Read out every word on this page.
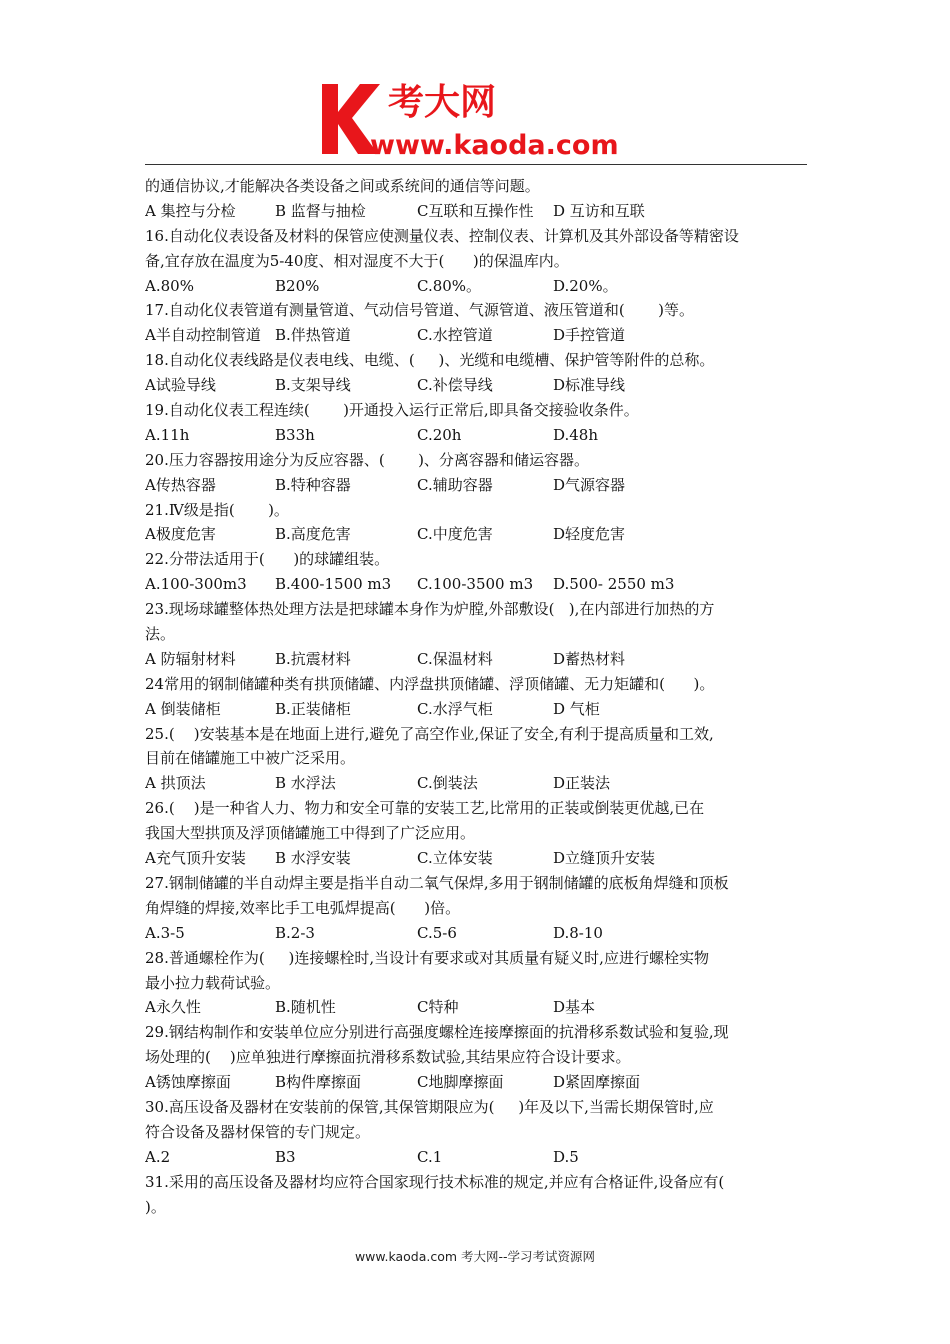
考大网
www.kaoda.com
的通信协议,才能解决各类设备之间或系统间的通信等问题。
A 集控与分检	B 监督与抽检	C互联和互操作性 D 互访和互联
16.自动化仪表设备及材料的保管应使测量仪表、控制仪表、计算机及其外部设备等精密设
备,宜存放在温度为5-40度、相对湿度不大于(      )的保温库内。
A.80%	B20%	C.80%。	D.20%。
17.自动化仪表管道有测量管道、气动信号管道、气源管道、液压管道和(       )等。
A半自动控制管道 B.伴热管道	C.水控管道	D手控管道
18.自动化仪表线路是仪表电线、电缆、(     )、光缆和电缆槽、保护管等附件的总称。
A试验导线	B.支架导线	C.补偿导线	D标准导线
19.自动化仪表工程连续(       )开通投入运行正常后,即具备交接验收条件。
A.11h	B33h	C.20h	D.48h
20.压力容器按用途分为反应容器、(       )、分离容器和储运容器。
A传热容器	B.特种容器	C.辅助容器	D气源容器
21.Ⅳ级是指(       )。
A极度危害	B.高度危害	C.中度危害	D轻度危害
22.分带法适用于(      )的球罐组装。
A.100-300m3 B.400-1500 m3 C.100-3500 m3 D.500- 2550 m3
23.现场球罐整体热处理方法是把球罐本身作为炉膛,外部敷设(   ),在内部进行加热的方
法。
A 防辐射材料	B.抗震材料	C.保温材料	D蓄热材料
24常用的钢制储罐种类有拱顶储罐、内浮盘拱顶储罐、浮顶储罐、无力矩罐和(      )。
A 倒装储柜	B.正装储柜	C.水浮气柜	D 气柜
25.(    )安装基本是在地面上进行,避免了高空作业,保证了安全,有利于提高质量和工效,
目前在储罐施工中被广泛采用。
A 拱顶法	B 水浮法	C.倒装法	D正装法
26.(    )是一种省人力、物力和安全可靠的安装工艺,比常用的正装或倒装更优越,已在
我国大型拱顶及浮顶储罐施工中得到了广泛应用。
A充气顶升安装 B 水浮安装	C.立体安装	D立缝顶升安装
27.钢制储罐的半自动焊主要是指半自动二氧气保焊,多用于钢制储罐的底板角焊缝和顶板
角焊缝的焊接,效率比手工电弧焊提高(      )倍。
A.3-5	B.2-3	C.5-6	D.8-10
28.普通螺栓作为(     )连接螺栓时,当设计有要求或对其质量有疑义时,应进行螺栓实物
最小拉力载荷试验。
A永久性	B.随机性	C特种	D基本
29.钢结构制作和安装单位应分别进行高强度螺栓连接摩擦面的抗滑移系数试验和复验,现
场处理的(    )应单独进行摩擦面抗滑移系数试验,其结果应符合设计要求。
A锈蚀摩擦面	B构件摩擦面	C地脚摩擦面	D紧固摩擦面
30.高压设备及器材在安装前的保管,其保管期限应为(     )年及以下,当需长期保管时,应
符合设备及器材保管的专门规定。
A.2	B3	C.1	D.5
31.采用的高压设备及器材均应符合国家现行技术标准的规定,并应有合格证件,设备应有(
)。
www.kaoda.com 考大网--学习考试资源网
